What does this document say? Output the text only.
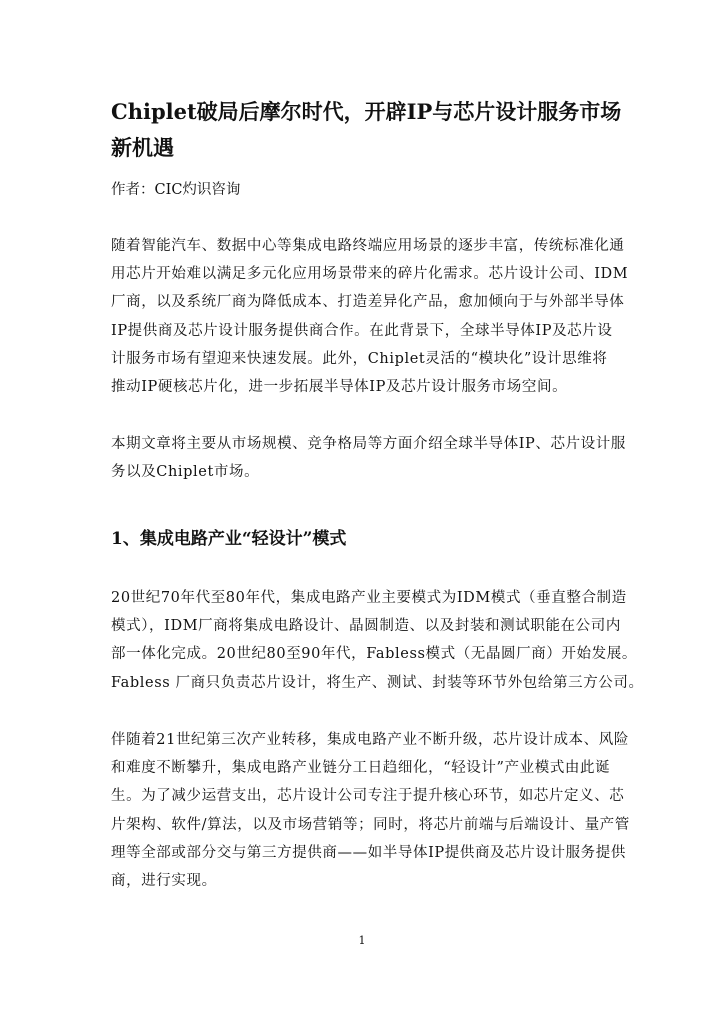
Chiplet破局后摩尔时代，开辟IP与芯片设计服务市场
新机遇
作者：CIC灼识咨询
随着智能汽车、数据中心等集成电路终端应用场景的逐步丰富，传统标准化通
用芯片开始难以满足多元化应用场景带来的碎片化需求。芯片设计公司、IDM
厂商，以及系统厂商为降低成本、打造差异化产品，愈加倾向于与外部半导体
IP提供商及芯片设计服务提供商合作。在此背景下，全球半导体IP及芯片设
计服务市场有望迎来快速发展。此外，Chiplet灵活的“模块化”设计思维将
推动IP硬核芯片化，进一步拓展半导体IP及芯片设计服务市场空间。
本期文章将主要从市场规模、竞争格局等方面介绍全球半导体IP、芯片设计服
务以及Chiplet市场。
1、集成电路产业“轻设计”模式
20世纪70年代至80年代，集成电路产业主要模式为IDM模式（垂直整合制造
模式），IDM厂商将集成电路设计、晶圆制造、以及封装和测试职能在公司内
部一体化完成。20世纪80至90年代，Fabless模式（无晶圆厂商）开始发展。
Fabless 厂商只负责芯片设计，将生产、测试、封装等环节外包给第三方公司。
伴随着21世纪第三次产业转移，集成电路产业不断升级，芯片设计成本、风险
和难度不断攀升，集成电路产业链分工日趋细化，“轻设计”产业模式由此诞
生。为了减少运营支出，芯片设计公司专注于提升核心环节，如芯片定义、芯
片架构、软件/算法，以及市场营销等；同时，将芯片前端与后端设计、量产管
理等全部或部分交与第三方提供商——如半导体IP提供商及芯片设计服务提供
商，进行实现。
1
